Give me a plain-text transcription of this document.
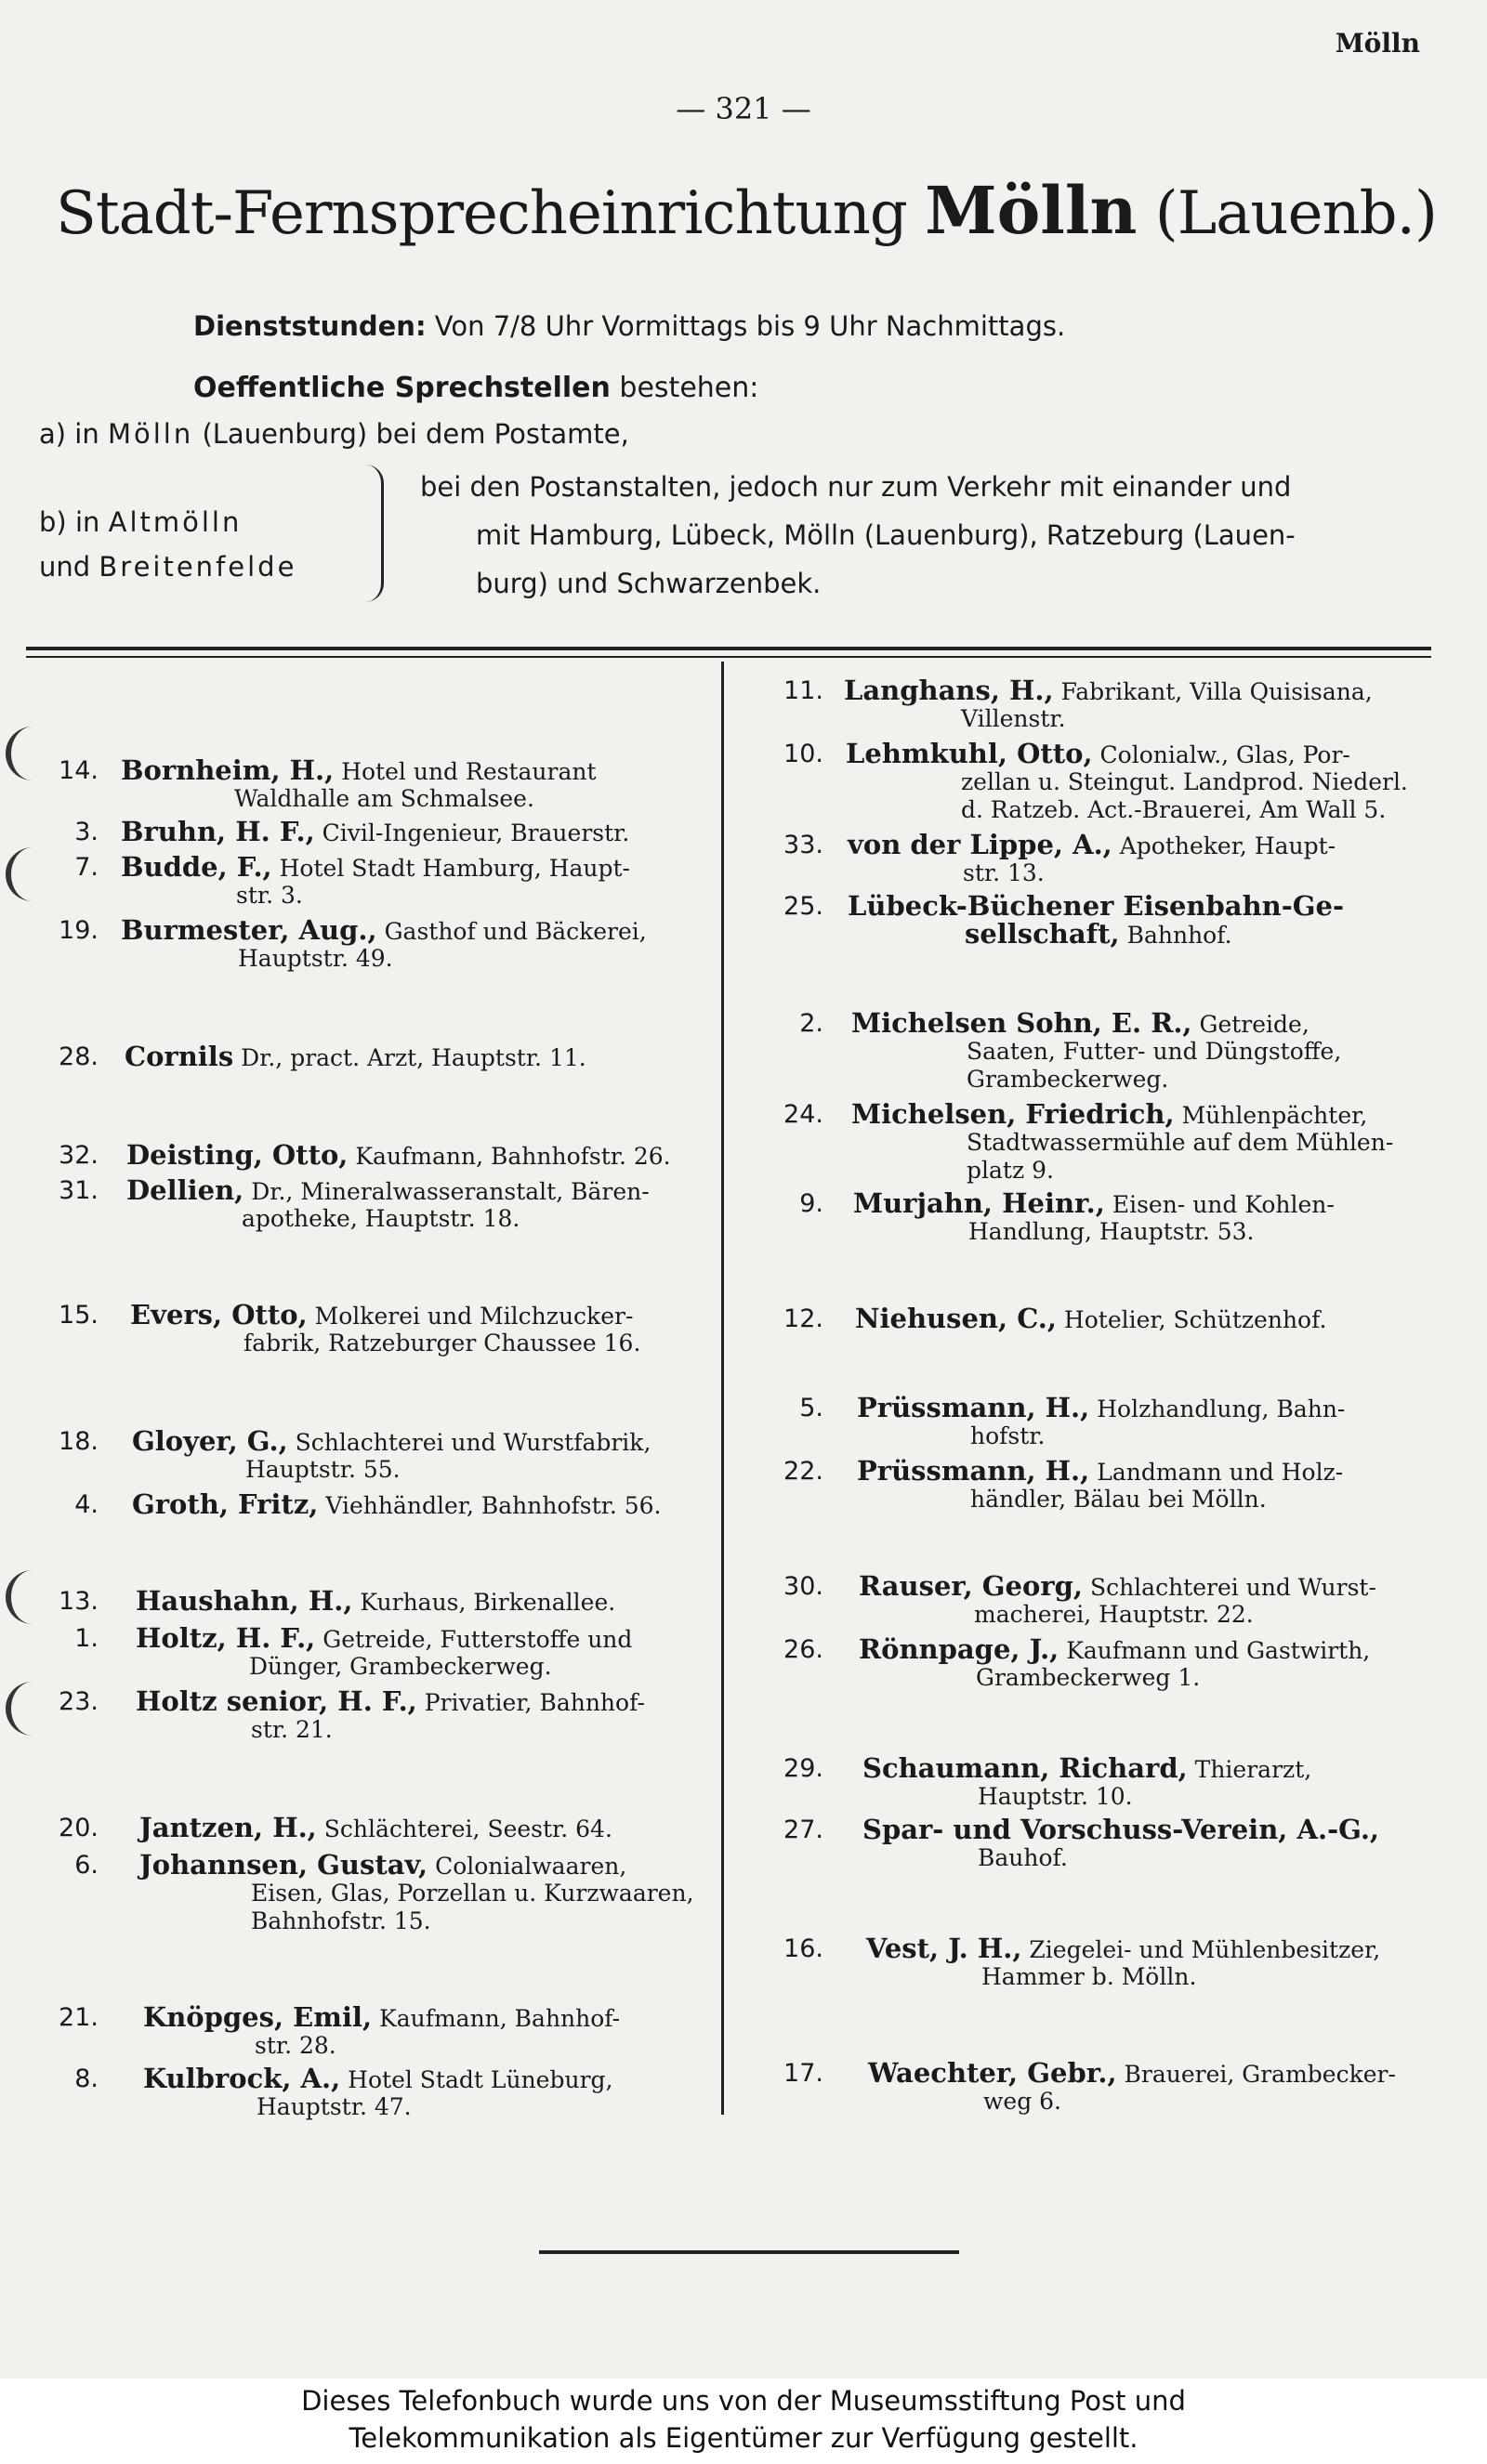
Mölln
— 321 —
Stadt-Fernsprecheinrichtung Mölln (Lauenb.)
Dienststunden: Von 7/8 Uhr Vormittags bis 9 Uhr Nachmittags.
Oeffentliche Sprechstellen bestehen:
a) in Mölln (Lauenburg) bei dem Postamte,
b) in Altmölln
und Breitenfelde
bei den Postanstalten, jedoch nur zum Verkehr mit einander und
mit Hamburg, Lübeck, Mölln (Lauenburg), Ratzeburg (Lauen-
burg) und Schwarzenbek.
14. Bornheim, H., Hotel und Restaurant
Waldhalle am Schmalsee.
3. Bruhn, H. F., Civil-Ingenieur, Brauerstr.
7. Budde, F., Hotel Stadt Hamburg, Haupt-
str. 3.
19. Burmester, Aug., Gasthof und Bäckerei,
Hauptstr. 49.
28. Cornils Dr., pract. Arzt, Hauptstr. 11.
32. Deisting, Otto, Kaufmann, Bahnhofstr. 26.
31. Dellien, Dr., Mineralwasseranstalt, Bären-
apotheke, Hauptstr. 18.
15. Evers, Otto, Molkerei und Milchzucker-
fabrik, Ratzeburger Chaussee 16.
18. Gloyer, G., Schlachterei und Wurstfabrik,
Hauptstr. 55.
4. Groth, Fritz, Viehhändler, Bahnhofstr. 56.
13. Haushahn, H., Kurhaus, Birkenallee.
1. Holtz, H. F., Getreide, Futterstoffe und
Dünger, Grambeckerweg.
23. Holtz senior, H. F., Privatier, Bahnhof-
str. 21.
20. Jantzen, H., Schlächterei, Seestr. 64.
6. Johannsen, Gustav, Colonialwaaren,
Eisen, Glas, Porzellan u. Kurzwaaren,
Bahnhofstr. 15.
21. Knöpges, Emil, Kaufmann, Bahnhof-
str. 28.
8. Kulbrock, A., Hotel Stadt Lüneburg,
Hauptstr. 47.
11. Langhans, H., Fabrikant, Villa Quisisana,
Villenstr.
10. Lehmkuhl, Otto, Colonialw., Glas, Por-
zellan u. Steingut. Landprod. Niederl.
d. Ratzeb. Act.-Brauerei, Am Wall 5.
33. von der Lippe, A., Apotheker, Haupt-
str. 13.
25. Lübeck-Büchener Eisenbahn-Ge-
sellschaft, Bahnhof.
2. Michelsen Sohn, E. R., Getreide,
Saaten, Futter- und Düngstoffe,
Grambeckerweg.
24. Michelsen, Friedrich, Mühlenpächter,
Stadtwassermühle auf dem Mühlen-
platz 9.
9. Murjahn, Heinr., Eisen- und Kohlen-
Handlung, Hauptstr. 53.
12. Niehusen, C., Hotelier, Schützenhof.
5. Prüssmann, H., Holzhandlung, Bahn-
hofstr.
22. Prüssmann, H., Landmann und Holz-
händler, Bälau bei Mölln.
30. Rauser, Georg, Schlachterei und Wurst-
macherei, Hauptstr. 22.
26. Rönnpage, J., Kaufmann und Gastwirth,
Grambeckerweg 1.
29. Schaumann, Richard, Thierarzt,
Hauptstr. 10.
27. Spar- und Vorschuss-Verein, A.-G.,
Bauhof.
16. Vest, J. H., Ziegelei- und Mühlenbesitzer,
Hammer b. Mölln.
17. Waechter, Gebr., Brauerei, Grambecker-
weg 6.
Dieses Telefonbuch wurde uns von der Museumsstiftung Post und
Telekommunikation als Eigentümer zur Verfügung gestellt.
